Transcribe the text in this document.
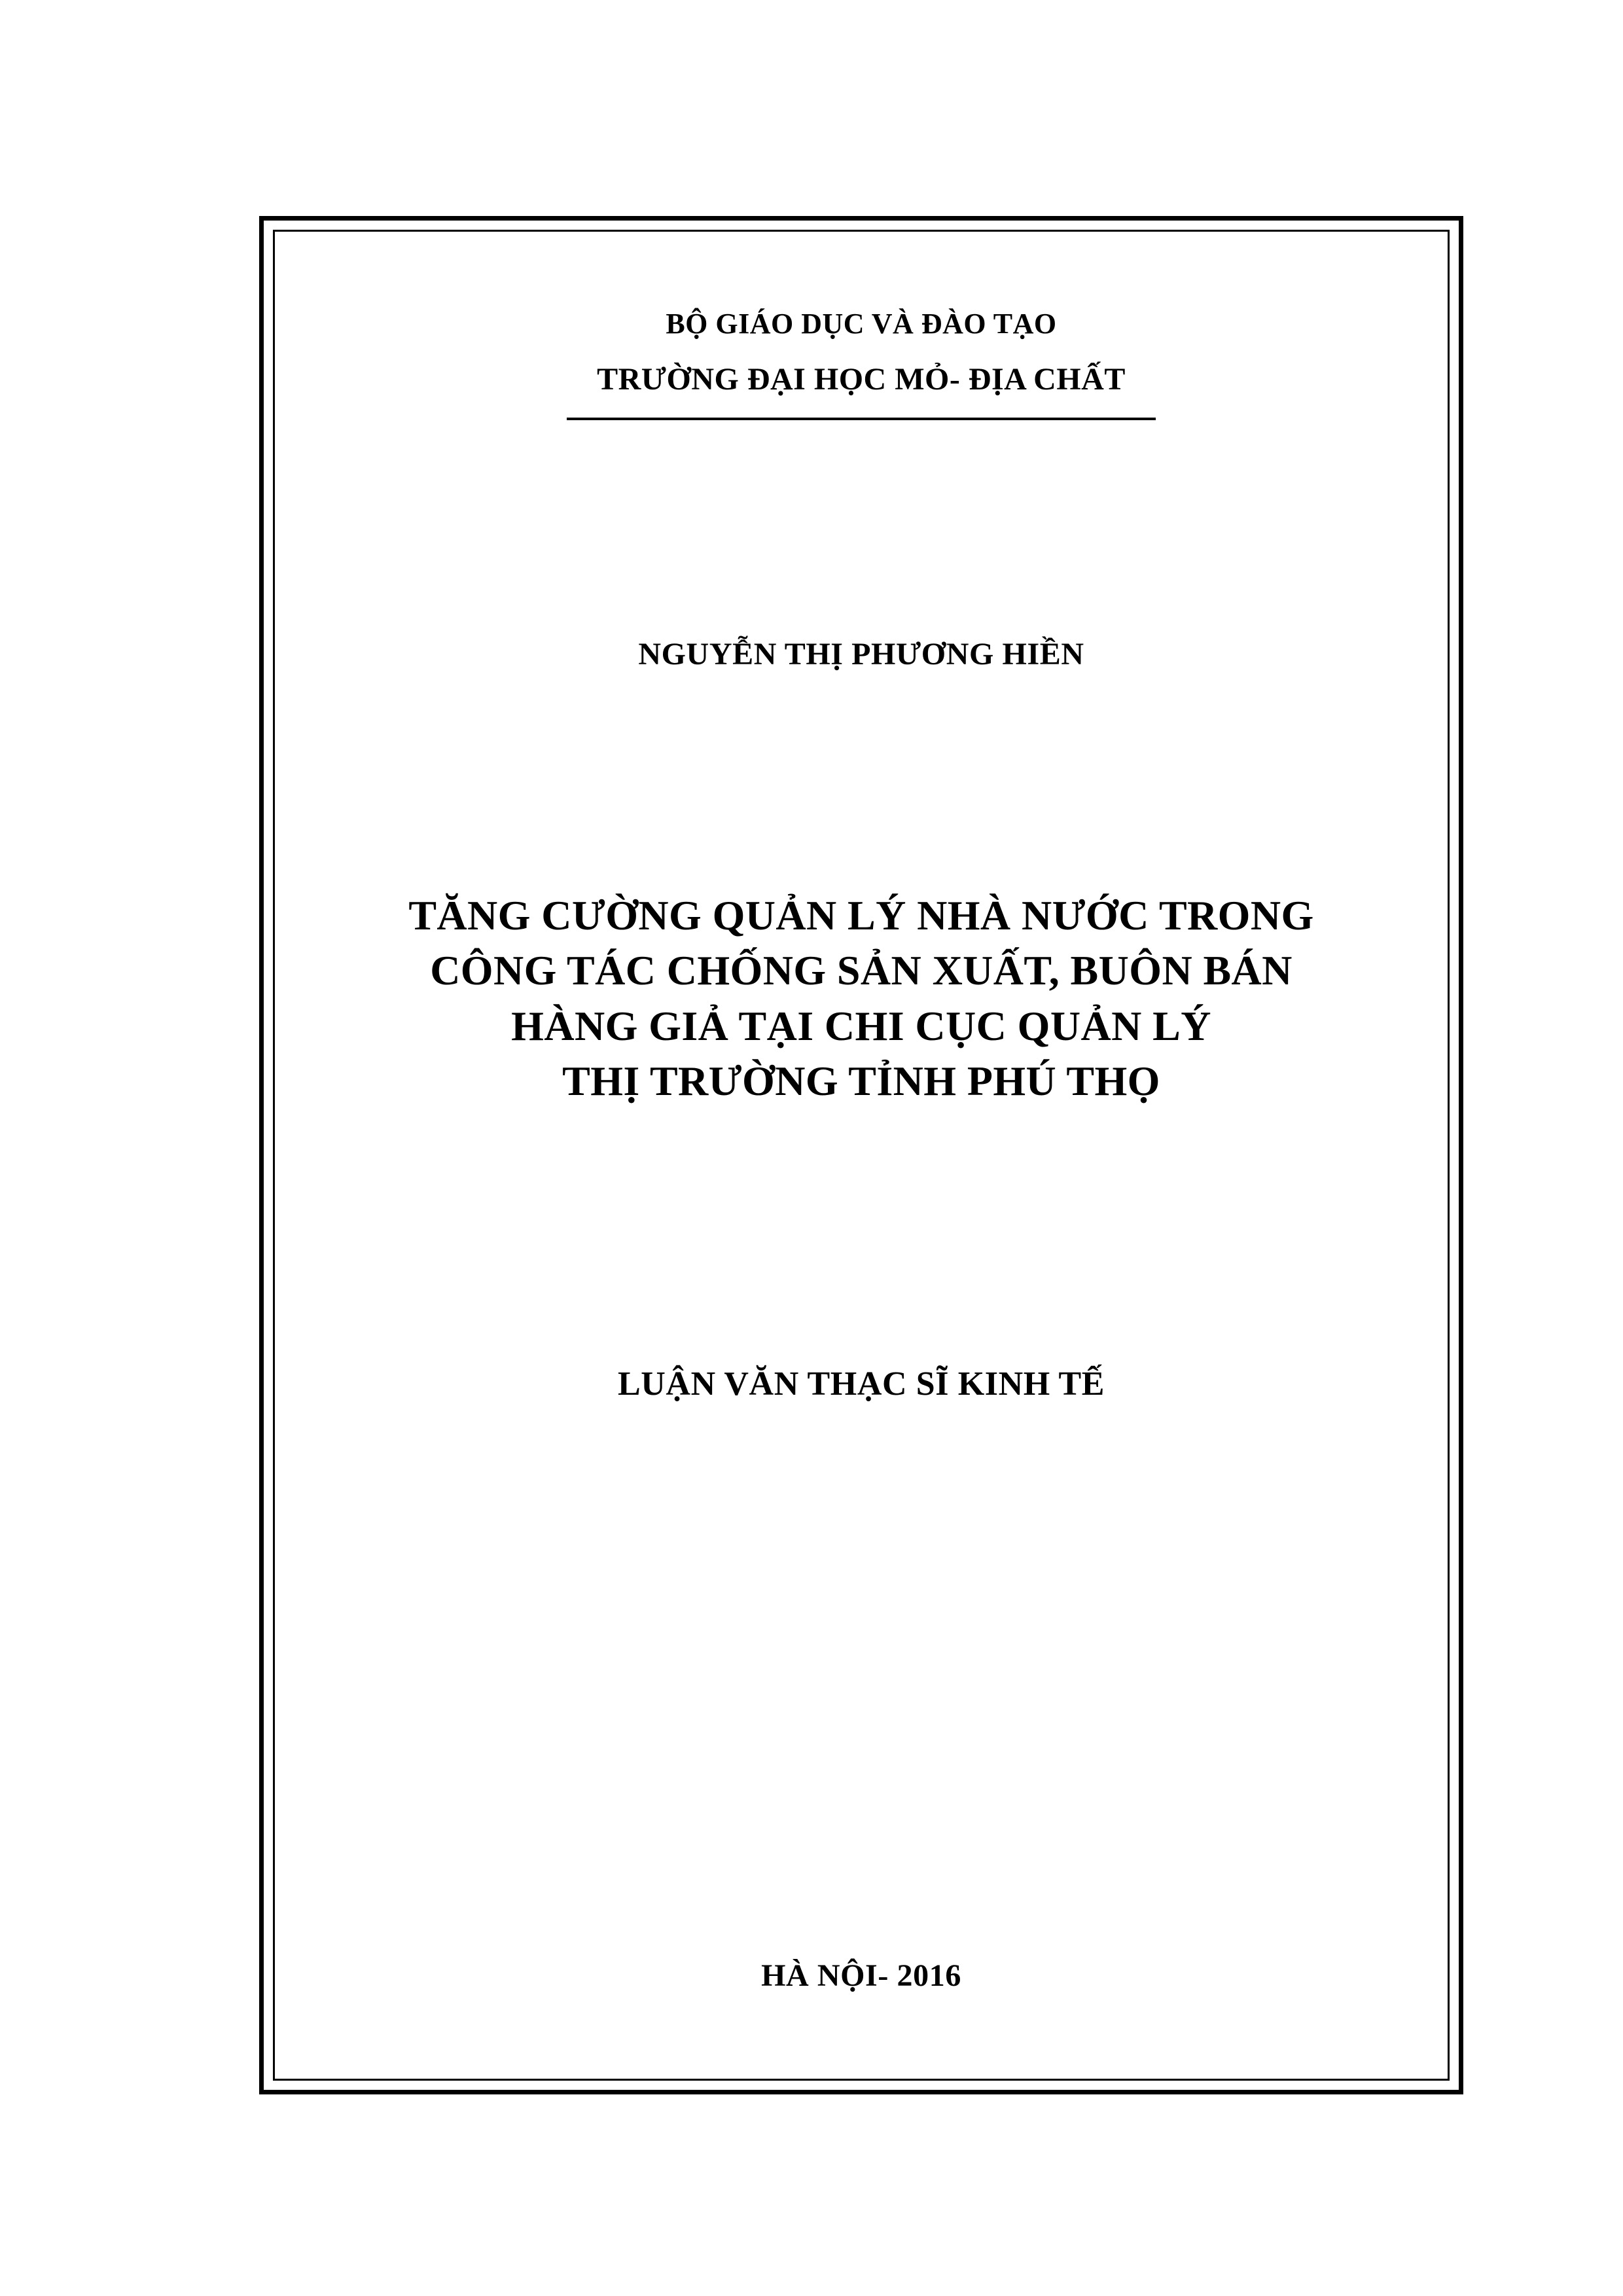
BỘ GIÁO DỤC VÀ ĐÀO TẠO
TRƯỜNG ĐẠI HỌC MỎ- ĐỊA CHẤT
NGUYỄN THỊ PHƯƠNG HIỀN
TĂNG CƯỜNG QUẢN LÝ NHÀ NƯỚC TRONG
CÔNG TÁC CHỐNG SẢN XUẤT, BUÔN BÁN
HÀNG GIẢ TẠI CHI CỤC QUẢN LÝ
THỊ TRƯỜNG TỈNH PHÚ THỌ
LUẬN VĂN THẠC SĨ KINH TẾ
HÀ NỘI- 2016
